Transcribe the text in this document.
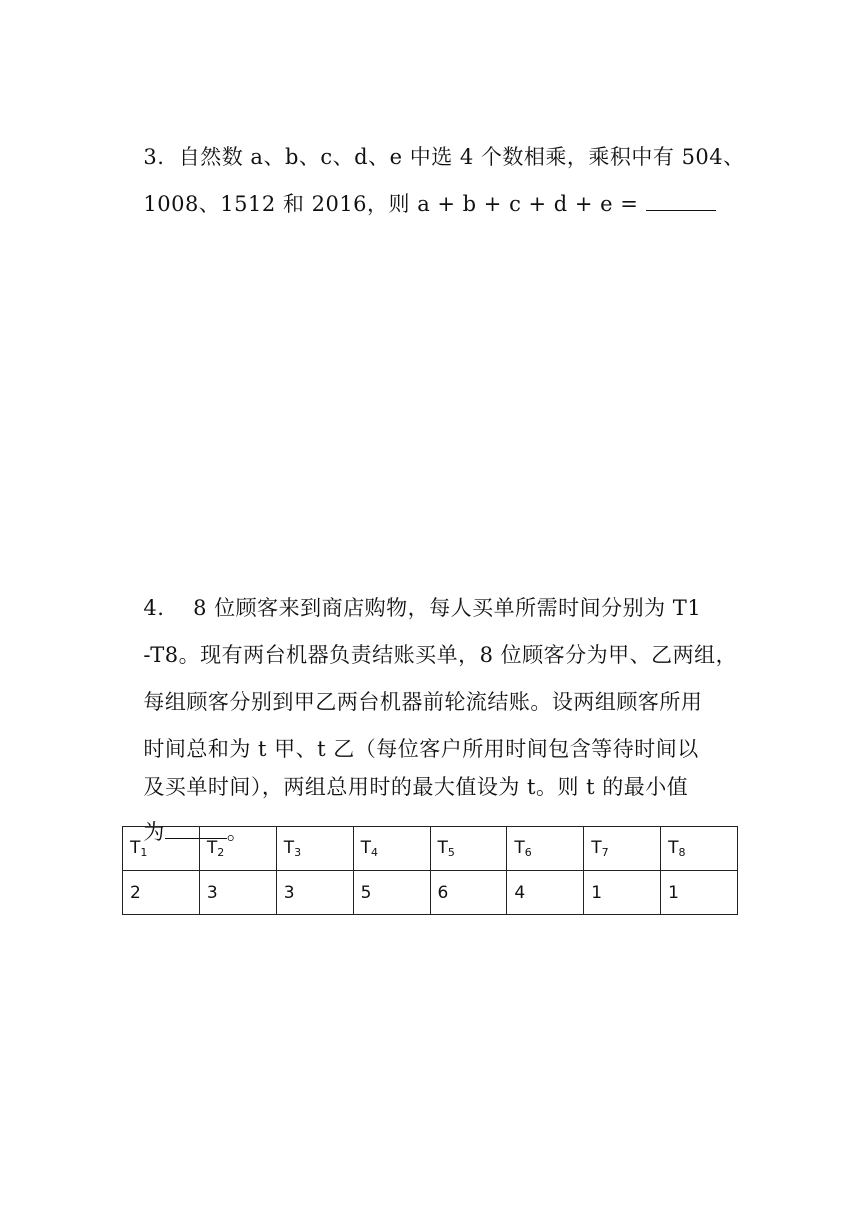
3.  自然数 a、b、c、d、e 中选 4 个数相乘，乘积中有 504、

1008、1512 和 2016，则 a + b + c + d + e =

4.    8 位顾客来到商店购物，每人买单所需时间分别为 T1

-T8。现有两台机器负责结账买单，8 位顾客分为甲、乙两组，

每组顾客分别到甲乙两台机器前轮流结账。设两组顾客所用

时间总和为 t 甲、t 乙（每位客户所用时间包含等待时间以

及买单时间），两组总用时的最大值设为 t。则 t 的最小值

为	。

$T_1$	$T_2$	$T_3$	$T_4$	$T_5$	$T_6$	$T_7$	$T_8$
2	3	3	5	6	4	1	1
